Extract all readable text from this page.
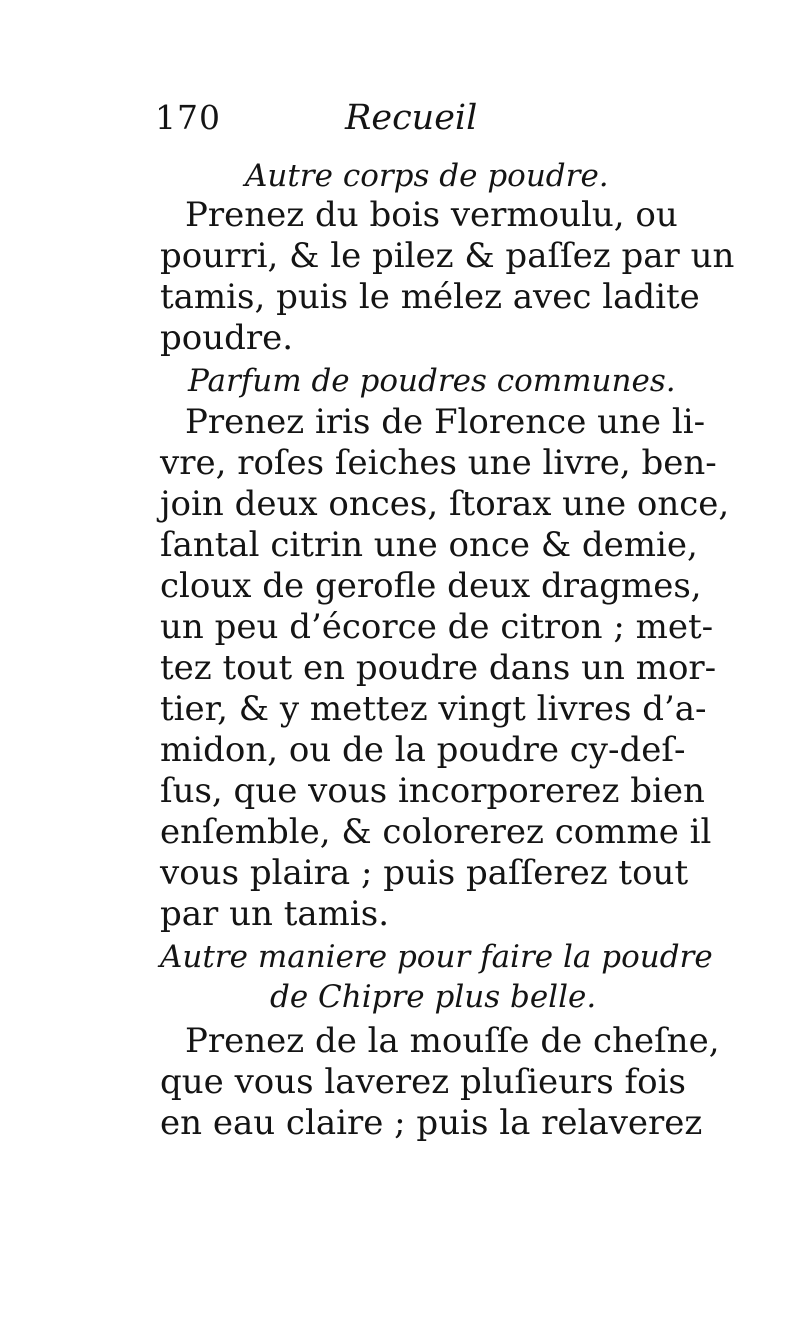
170	Recueil
Autre corps de poudre.
Prenez du bois vermoulu, ou
pourri, & le pilez & paſſez par un
tamis, puis le mélez avec ladite
poudre.
Parfum de poudres communes.
Prenez iris de Florence une li-
vre, roſes ſeiches une livre, ben-
join deux onces, ſtorax une once,
ſantal citrin une once & demie,
cloux de gerofle deux dragmes,
un peu d’écorce de citron ; met-
tez tout en poudre dans un mor-
tier, & y mettez vingt livres d’a-
midon, ou de la poudre cy-deſ-
ſus, que vous incorporerez bien
enſemble, & colorerez comme il
vous plaira ; puis paſſerez tout
par un tamis.
Autre maniere pour faire la poudre
de Chipre plus belle.
Prenez de la mouſſe de cheſne,
que vous laverez pluſieurs fois
en eau claire ; puis la relaverez
